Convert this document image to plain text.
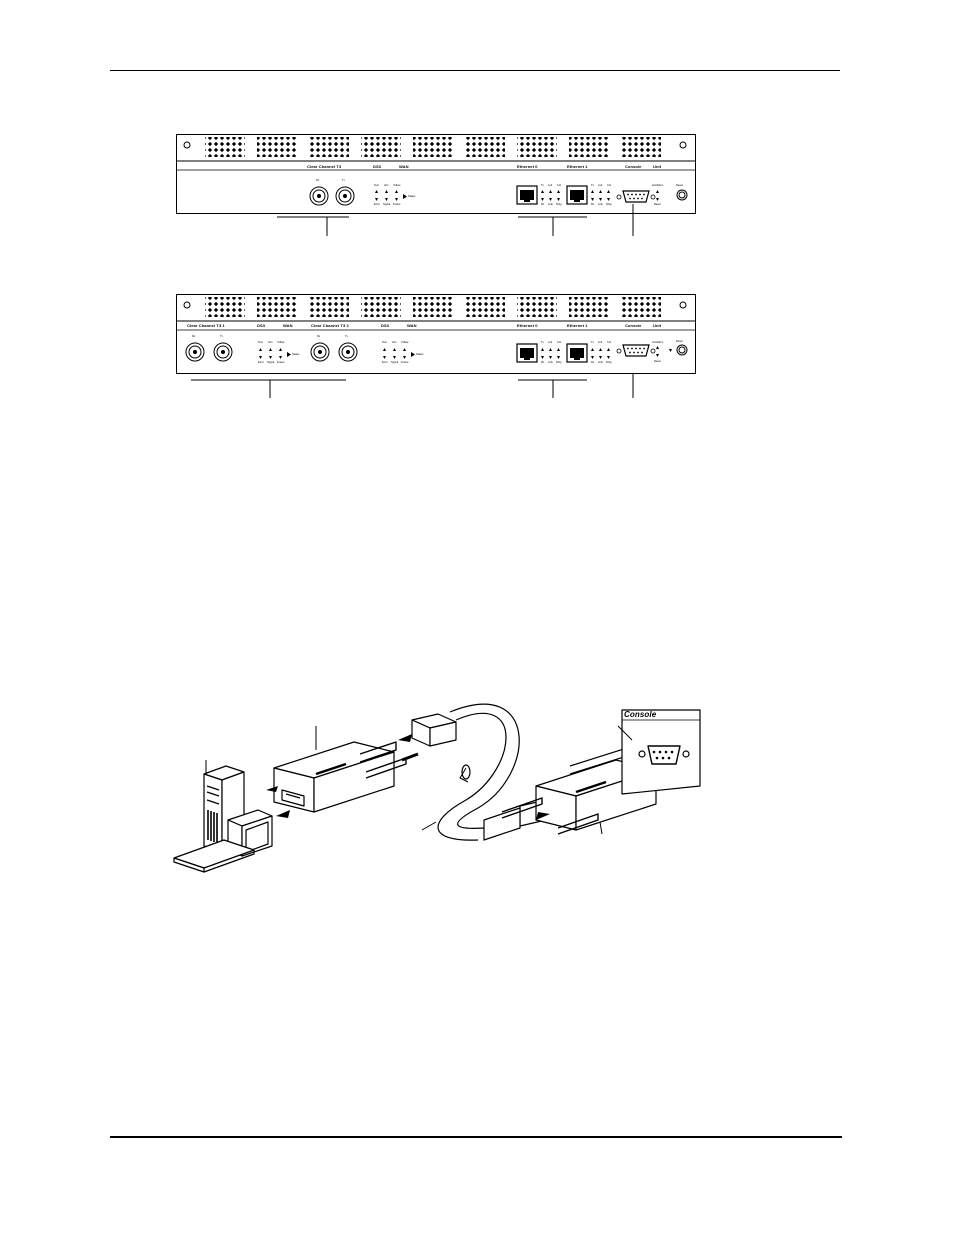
Clear Channel T3	DS3	WAN	Ethernet 0	Ethernet 1	Console	Unit
Rx	Tx
Test Alm Yellow
Error Signal Frame
Status
Tx Lnk Col
Rx Link Rnfg
Tx Lnk Col
Rx Link Rnfg
Act/Alarm
Reset
Reset
Clear Channel T3 1	DS3	WAN	Clear Channel T3 2	DS3	WAN	Ethernet 0	Ethernet 1	Console	Unit
Rx	Tx	Rx	Tx
Test Alm Yellow
Error Signal Frame
Status
Test Alm Yellow
Error Signal Frame
Status
Tx Lnk Col
Rx Link Rnfg
Tx Lnk Col
Rx Link Rnfg
Act/Alarm
Reset
Reset
Console
